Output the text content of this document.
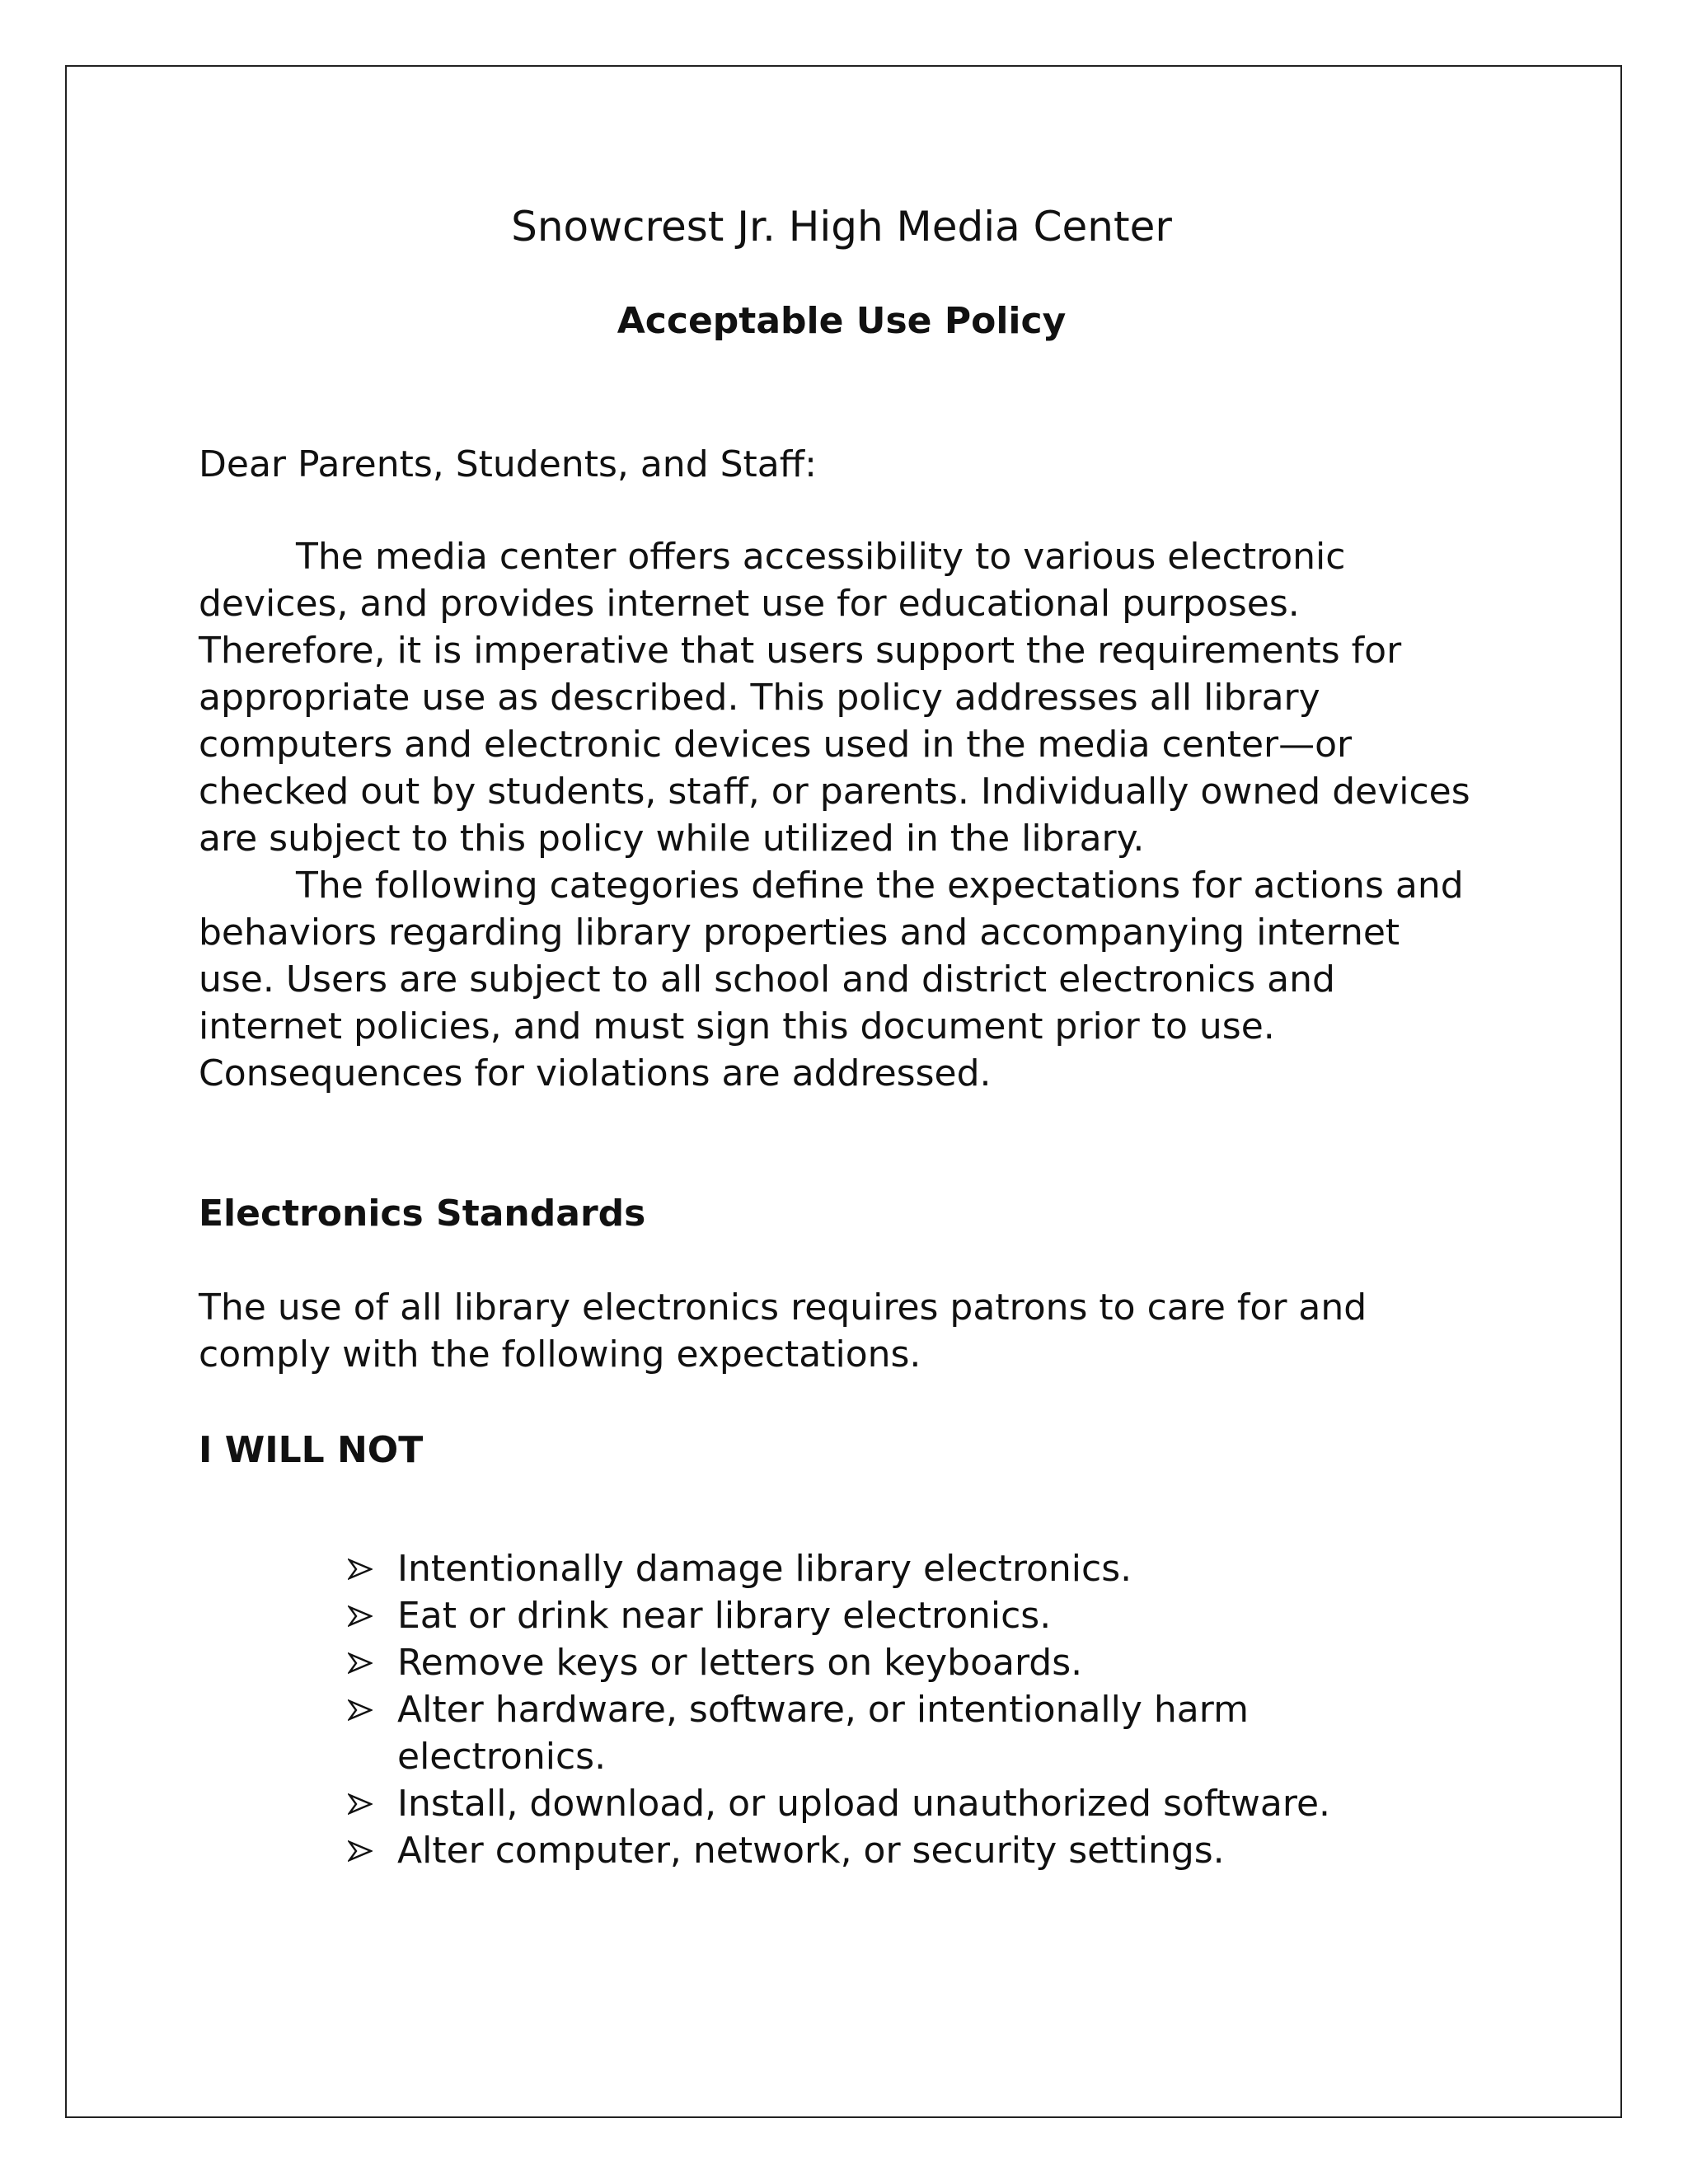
Snowcrest Jr. High Media Center
Acceptable Use Policy

Dear Parents, Students, and Staff:

The media center offers accessibility to various electronic devices, and provides internet use for educational purposes. Therefore, it is imperative that users support the requirements for appropriate use as described. This policy addresses all library computers and electronic devices used in the media center—or checked out by students, staff, or parents. Individually owned devices are subject to this policy while utilized in the library.

The following categories define the expectations for actions and behaviors regarding library properties and accompanying internet use. Users are subject to all school and district electronics and internet policies, and must sign this document prior to use. Consequences for violations are addressed.

Electronics Standards

The use of all library electronics requires patrons to care for and comply with the following expectations.

I WILL NOT
Intentionally damage library electronics.
Eat or drink near library electronics.
Remove keys or letters on keyboards.
Alter hardware, software, or intentionally harm electronics.
Install, download, or upload unauthorized software.
Alter computer, network, or security settings.
